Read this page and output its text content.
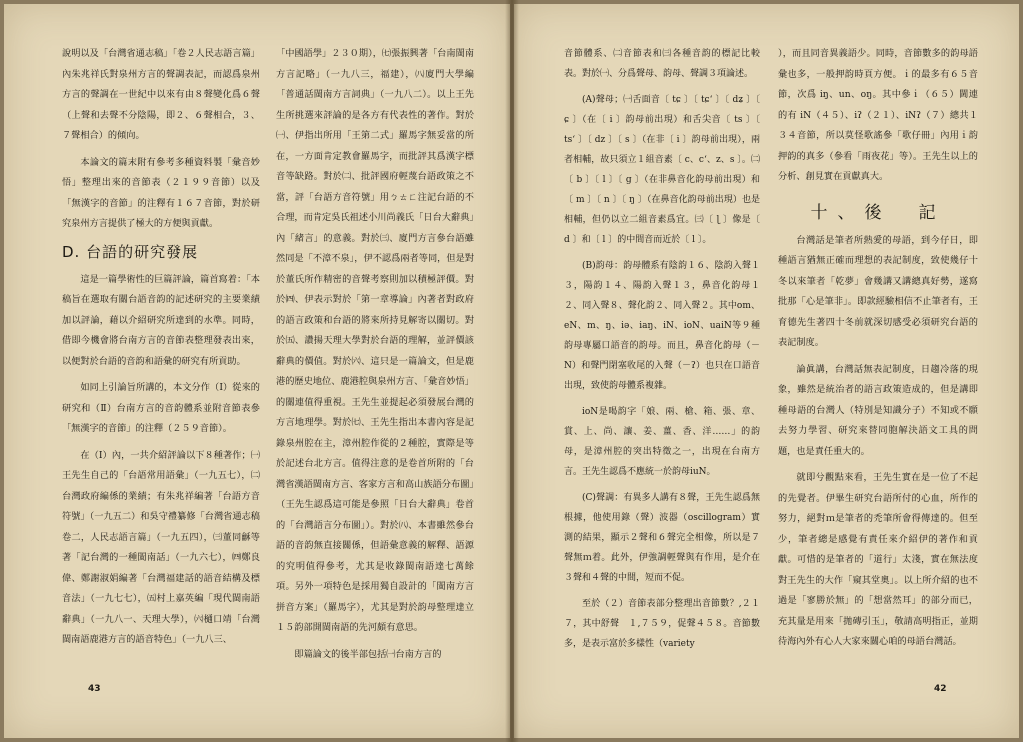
說明以及「台灣省通志稿」「卷２人民志語言篇」內朱兆祥氏對泉州方言的聲調表記，而認爲泉州方言的聲調在一世紀中以來有由８聲變化爲６聲（上聲和去聲不分陰陽，即２、６聲相合，３、７聲相合）的傾向。

本論文的篇末附有參考多種資料製「彙音妙悟」整理出來的音節表（２１９９音節）以及「無漢字的音節」的注釋有１６７音節，對於研究泉州方言提供了極大的方便與貢獻。

D. 台語的研究發展

這是一篇學術性的巨篇評論，篇首寫着：「本稿旨在選取有關台語音韵的記述研究的主要業績加以評論，藉以介紹研究所達到的水準。同時，借即今機會將台南方言的音節表整理發表出來，以便對於台語的音韵和語彙的研究有所貢助。

如同上引論旨所講的，本文分作（Ⅰ）從來的研究和（Ⅱ）台南方言的音韵體系並附音節表參「無漢字的音節」的注釋（２５９音節）。

在（Ⅰ）內，一共介紹評論以下８種著作；㈠王先生自己的「台語常用語彙」（一九五七），㈡台灣政府編係的業績；有朱兆祥編著「台語方音符號」（一九五二）和吳守禮纂修「台灣省通志稿卷二，人民志語言篇」（一九五四），㈢董同龢等著「記台灣的一種閩南話」（一九六七），㈣鄭良偉、鄭謝淑娟編著「台灣福建話的語音結構及標音法」（一九七七），㈤村上嘉英編「現代閩南語辭典」（一九八一、天理大學），㈥樋口靖「台灣閩南語鹿港方言的語音特色」（一九八三、

「中國語學」２３０期），㈦張振興著「台南閩南方言記略」（一九八三，福建），㈧廈門大學編「普通話閩南方言詞典」（一九八二）。以上王先生所挑選來評論的是各方有代表性的著作。對於㈠、伊指出所用「王第二式」羅馬字無妥當的所在，一方面肯定教會羅馬字，而批評其爲漢字標音等缺路。對於㈡、批評國府輕蔑台語政策之不當，評「台語方音符號」用ㄅㄊㄈ注記台語的不合理，而肯定吳氏祖述小川尚義氏「日台大辭典」內「緒言」的意義。對於㈢、廈門方言參台語雖然同是「不漳不泉」，伊不認爲兩者等同，但是對於董氏所作精密的音聲考察則加以積極評價。對於㈣、伊表示對於「第一章導論」內著者對政府的語言政策和台語的將來所持見解寄以關切。對於㈤、讚揚天理大學對於台語的理解，並評價該辭典的價值。對於㈥、這只是一篇論文，但是鹿港的歷史地位、鹿港腔與泉州方言、「彙音妙悟」的關連值得重視。王先生並提起必須發展台灣的方言地理學。對於㈦、王先生指出本書內容是記錄泉州腔在主，漳州腔作從的２種腔，實際是等於記述台北方言。值得注意的是卷首所附的「台灣省漢語閩南方言、客家方言和高山族語分布圖」（王先生認爲這可能是參照「日台大辭典」卷首的「台灣語言分布圖」）。對於㈧、本書雖然參台語的音韵無直接關係，但語彙意義的解釋、語源的究明值得參考，尤其是收錄閩南語達七萬餘項。另外一項特色是採用獨自設計的「閩南方言拼音方案」（羅馬字），尤其是對於韵母整理達立１５韵部開閩南語的先河頗有意思。

即篇論文的後半部包括㈠台南方言的

43

音節體系、㈡音節表和㈢各種音韵的標記比較表。對於㈠、分爲聲母、韵母、聲調３項論述。

(A)聲母；㈠舌面音〔 tɕ 〕〔 tɕʻ 〕〔 dʑ 〕〔 ɕ 〕（在〔 i 〕韵母前出現）和舌尖音〔 ts 〕〔 tsʻ 〕〔 dz 〕〔 s 〕（在非〔 i 〕韵母前出現），兩者相輔，故只須立１組音素〔 c、cʻ、z、s 〕。㈡〔 b 〕〔 l 〕〔 g 〕（在非鼻音化韵母前出現）和〔 m 〕〔 n 〕〔 ŋ 〕（在鼻音化韵母前出現）也是相輔，但仍以立二組音素爲宜。㈢〔 ɭ 〕像是〔 d 〕和〔 l 〕的中間音而近於〔 l 〕。

(B)韵母：韵母體系有陰韵１６、陰韵入聲１３，陽韵１４、陽韵入聲１３，鼻音化韵母１２、同入聲８、聲化韵２、同入聲２。其中om、eN、m、ŋ、iə、iaŋ、iN、ioN、uaiN等９種韵母專屬口語音的韵母。而且，鼻音化韵母（－N）和聲門閉塞收尾的入聲（－ʔ）也只在口語音出現，致使韵母體系複雜。

ioN是喝韵字「娘、兩、槍、箱、張、章、賞、上、尚、讓、姜、薑、香、洋……」的韵母，是漳州腔的突出特徵之一，出現在台南方言。王先生認爲不應統一於韵母iuN。

(C)聲調：有異多人講有８聲，王先生認爲無根據，他使用錄（聲）波器（oscillogram）實測的結果，顯示２聲和６聲完全相像，所以是７聲無ｍ着。此外，伊強調輕聲與有作用，是介在３聲和４聲的中間，短而不促。

至於（２）音節表部分整理出音節數？,２１７，其中舒聲　１,７５９，促聲４５８。音節數多，是表示富於多樣性（variety

），而且同音異義語少。同時，音節數多的韵母語彙也多，一般押韵時頁方便。ｉ的最多有６５音節，次爲 iŋ、un、oŋ。其中參ｉ（６５）閫連的有 iN（４５）、iʔ（２１）、iNʔ（７）總共１３４音節，所以莫怪歌謠參「歌仔冊」內用ｉ韵押韵的真多（參看「雨夜花」等）。王先生以上的分析、創見實在貢獻真大。

十、後　記

台灣話是筆者所熱愛的母語，到今仔日，即種語言猶無正確而理想的表記制度，致使幾仔十冬以來筆者「乾夢」會幾講又講總真好勢，遂寫批那「心是筆非」。即款經驗相信不止筆者有，王育德先生著四十冬前就深切感受必須研究台語的表記制度。

論眞講，台灣話無表記制度，日趨冷落的現象，雖然是統治者的語言政策造成的，但是講即種母語的台灣人（特別是知識分子）不知或不願去努力學習、研究來替同胞解決語文工具的問題，也是責任重大的。

就即兮觀點來看，王先生實在是一位了不起的先覺者。伊畢生研究台語所付的心血，所作的努力，絕對ｍ是筆者的禿筆所會得傳達的。但至少，筆者總是感覺有責任來介紹伊的著作和貢獻。可惜的是筆者的「道行」太淺，實在無法度對王先生的大作「窺其堂奧」。以上所介紹的也不過是「寥勝於無」的「想當然耳」的部分而已，充其量是用來「拋磚引玉」，敬請高明指正，並期待海內外有心人大家來關心咱的母語台灣話。

42
